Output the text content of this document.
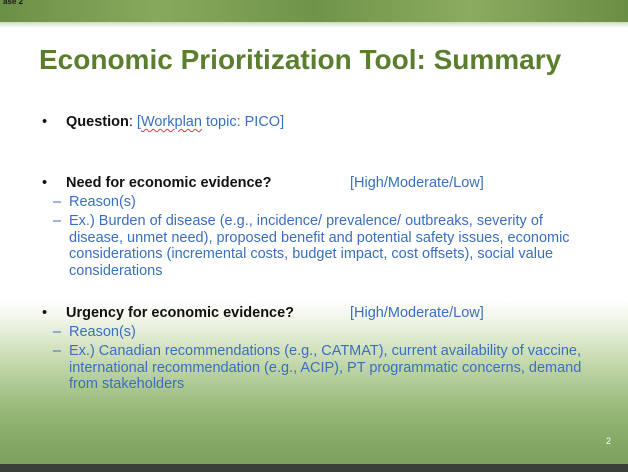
ase 2
Economic Prioritization Tool: Summary
• Question: [Workplan topic: PICO]
• Need for economic evidence?	[High/Moderate/Low]
– Reason(s)
– Ex.) Burden of disease (e.g., incidence/ prevalence/ outbreaks, severity of disease, unmet need), proposed benefit and potential safety issues, economic considerations (incremental costs, budget impact, cost offsets), social value considerations
• Urgency for economic evidence?	[High/Moderate/Low]
– Reason(s)
– Ex.) Canadian recommendations (e.g., CATMAT), current availability of vaccine, international recommendation (e.g., ACIP), PT programmatic concerns, demand from stakeholders
2
